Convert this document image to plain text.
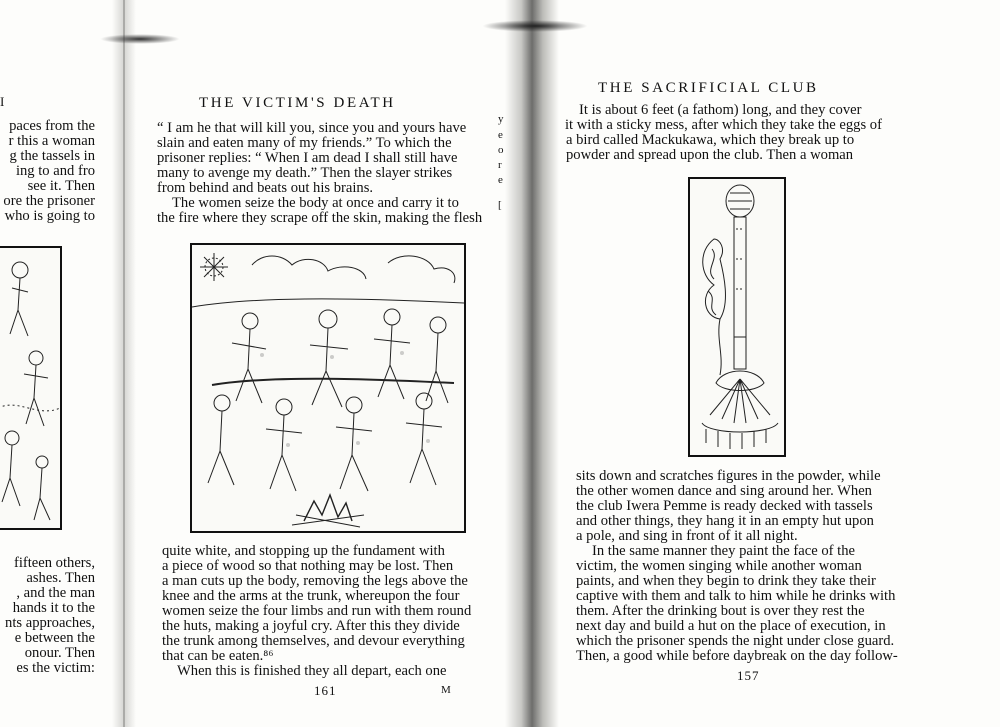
I
paces from the
r this a woman
g the tassels in
ing to and fro
see it. Then
ore the prisoner
who is going to
fifteen others,
ashes. Then
, and the man
hands it to the
nts approaches,
e between the
onour. Then
es the victim:
THE VICTIM'S DEATH
“ I am he that will kill you, since you and yours have
slain and eaten many of my friends.” To which the
prisoner replies: “ When I am dead I shall still have
many to avenge my death.” Then the slayer strikes
from behind and beats out his brains.
The women seize the body at once and carry it to
the fire where they scrape off the skin, making the flesh
quite white, and stopping up the fundament with
a piece of wood so that nothing may be lost. Then
a man cuts up the body, removing the legs above the
knee and the arms at the trunk, whereupon the four
women seize the four limbs and run with them round
the huts, making a joyful cry. After this they divide
the trunk among themselves, and devour everything
that can be eaten.⁸⁶
When this is finished they all depart, each one
161	M
y
e
o
r
e
[
THE SACRIFICIAL CLUB
It is about 6 feet (a fathom) long, and they cover
it with a sticky mess, after which they take the eggs of
a bird called Mackukawa, which they break up to
powder and spread upon the club. Then a woman
sits down and scratches figures in the powder, while
the other women dance and sing around her. When
the club Iwera Pemme is ready decked with tassels
and other things, they hang it in an empty hut upon
a pole, and sing in front of it all night.
In the same manner they paint the face of the
victim, the women singing while another woman
paints, and when they begin to drink they take their
captive with them and talk to him while he drinks with
them. After the drinking bout is over they rest the
next day and build a hut on the place of execution, in
which the prisoner spends the night under close guard.
Then, a good while before daybreak on the day follow-
157
